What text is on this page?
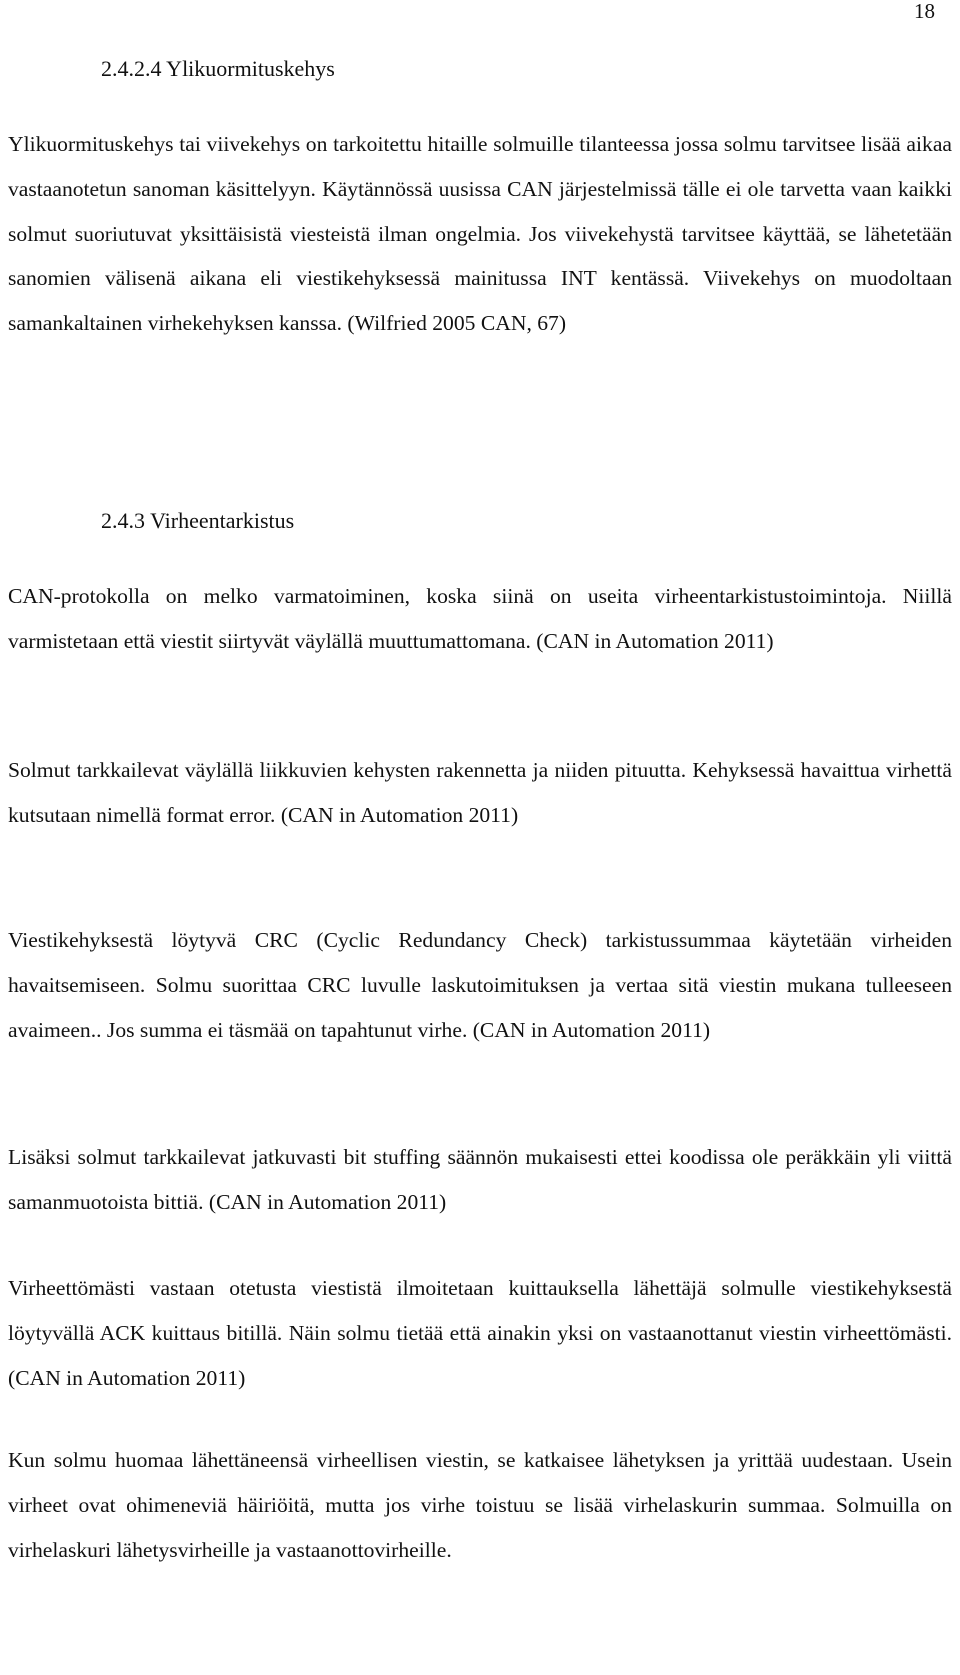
18
2.4.2.4 Ylikuormituskehys

Ylikuormituskehys tai viivekehys on tarkoitettu hitaille solmuille tilanteessa jossa solmu tarvitsee lisää aikaa vastaanotetun sanoman käsittelyyn. Käytännössä uusissa CAN järjestelmissä tälle ei ole tarvetta vaan kaikki solmut suoriutuvat yksittäisistä viesteistä ilman ongelmia. Jos viivekehystä tarvitsee käyttää, se lähetetään sanomien välisenä aikana eli viestikehyksessä mainitussa INT kentässä. Viivekehys on muodoltaan samankaltainen virhekehyksen kanssa. (Wilfried 2005 CAN, 67)

2.4.3 Virheentarkistus

CAN-protokolla on melko varmatoiminen, koska siinä on useita virheentarkistustoimintoja. Niillä varmistetaan että viestit siirtyvät väylällä muuttumattomana. (CAN in Automation 2011)

Solmut tarkkailevat väylällä liikkuvien kehysten rakennetta ja niiden pituutta. Kehyksessä havaittua virhettä kutsutaan nimellä format error. (CAN in Automation 2011)

Viestikehyksestä löytyvä CRC (Cyclic Redundancy Check) tarkistussummaa käytetään virheiden havaitsemiseen. Solmu suorittaa CRC luvulle laskutoimituksen ja vertaa sitä viestin mukana tulleeseen avaimeen.. Jos summa ei täsmää on tapahtunut virhe. (CAN in Automation 2011)

Lisäksi solmut tarkkailevat jatkuvasti bit stuffing säännön mukaisesti ettei koodissa ole peräkkäin yli viittä samanmuotoista bittiä. (CAN in Automation 2011)

Virheettömästi vastaan otetusta viestistä ilmoitetaan kuittauksella lähettäjä solmulle viestikehyksestä löytyvällä ACK kuittaus bitillä. Näin solmu tietää että ainakin yksi on vastaanottanut viestin virheettömästi. (CAN in Automation 2011)

Kun solmu huomaa lähettäneensä virheellisen viestin, se katkaisee lähetyksen ja yrittää uudestaan. Usein virheet ovat ohimeneviä häiriöitä, mutta jos virhe toistuu se lisää virhelaskurin summaa. Solmuilla on virhelaskuri lähetysvirheille ja vastaanottovirheille.
